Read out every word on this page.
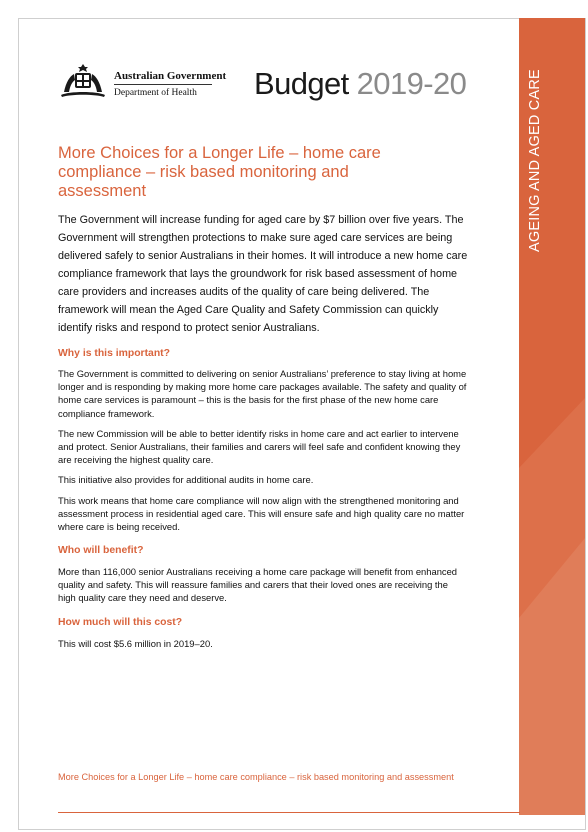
AGEING AND AGED CARE
Australian Government
Department of Health	Budget 2019-20
More Choices for a Longer Life – home care compliance – risk based monitoring and assessment

The Government will increase funding for aged care by $7 billion over five years. The Government will strengthen protections to make sure aged care services are being delivered safely to senior Australians in their homes. It will introduce a new home care compliance framework that lays the groundwork for risk based assessment of home care providers and increases audits of the quality of care being delivered. The framework will mean the Aged Care Quality and Safety Commission can quickly identify risks and respond to protect senior Australians.

Why is this important?

The Government is committed to delivering on senior Australians’ preference to stay living at home longer and is responding by making more home care packages available. The safety and quality of home care services is paramount – this is the basis for the first phase of the new home care compliance framework.

The new Commission will be able to better identify risks in home care and act earlier to intervene and protect. Senior Australians, their families and carers will feel safe and confident knowing they are receiving the highest quality care.

This initiative also provides for additional audits in home care.

This work means that home care compliance will now align with the strengthened monitoring and assessment process in residential aged care. This will ensure safe and high quality care no matter where care is being received.

Who will benefit?

More than 116,000 senior Australians receiving a home care package will benefit from enhanced quality and safety. This will reassure families and carers that their loved ones are receiving the high quality care they need and deserve.

How much will this cost?

This will cost $5.6 million in 2019–20.

More Choices for a Longer Life – home care compliance – risk based monitoring and assessment
